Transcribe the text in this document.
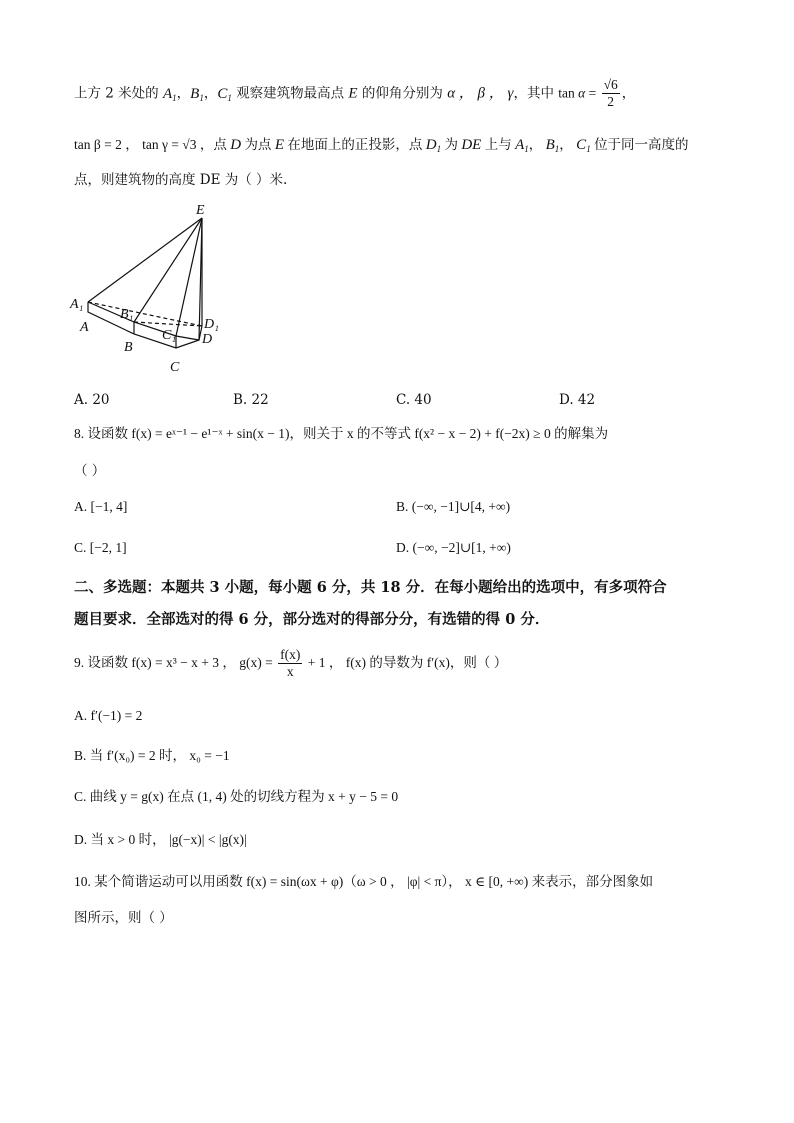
上方 2 米处的 $A_1$，$B_1$，$C_1$ 观察建筑物最高点 E 的仰角分别为 α ， β ， γ，其中 $\tan \alpha = \frac{√6}{2}$ ，
tan β = 2 ， tan γ = √3 ，点 D 为点 E 在地面上的正投影，点 $D_1$ 为 DE 上与 $A_1$， $B_1$， $C_1$ 位于同一高度的
点，则建筑物的高度 DE 为（ ）米.
E
A₁
A
B₁
B
C₁
C
D₁
D
A. 20	B. 22	C. 40	D. 42
8. 设函数 f(x) = eˣ⁻¹ − e¹⁻ˣ + sin(x − 1)，则关于 x 的不等式 f(x² − x − 2) + f(−2x) ≥ 0 的解集为
（ ）
A. [−1, 4]	B. (−∞, −1]∪[4, +∞)
C. [−2, 1]	D. (−∞, −2]∪[1, +∞)
二、多选题：本题共 3 小题，每小题 6 分，共 18 分．在每小题给出的选项中，有多项符合
题目要求．全部选对的得 6 分，部分选对的得部分分，有选错的得 0 分．
9. 设函数 f(x) = x³ − x + 3 ， $g(x) = \frac{f(x)}{x} + 1$ ， f(x) 的导数为 f′(x)，则（ ）
A. f′(−1) = 2
B. 当 f′(x₀) = 2 时， x₀ = −1
C. 曲线 y = g(x) 在点 (1, 4) 处的切线方程为 x + y − 5 = 0
D. 当 x > 0 时， |g(−x)| < |g(x)|
10. 某个简谐运动可以用函数 f(x) = sin(ωx + φ)（ω > 0 ， |φ| < π）， x ∈ [0, +∞) 来表示，部分图象如
图所示，则（ ）
